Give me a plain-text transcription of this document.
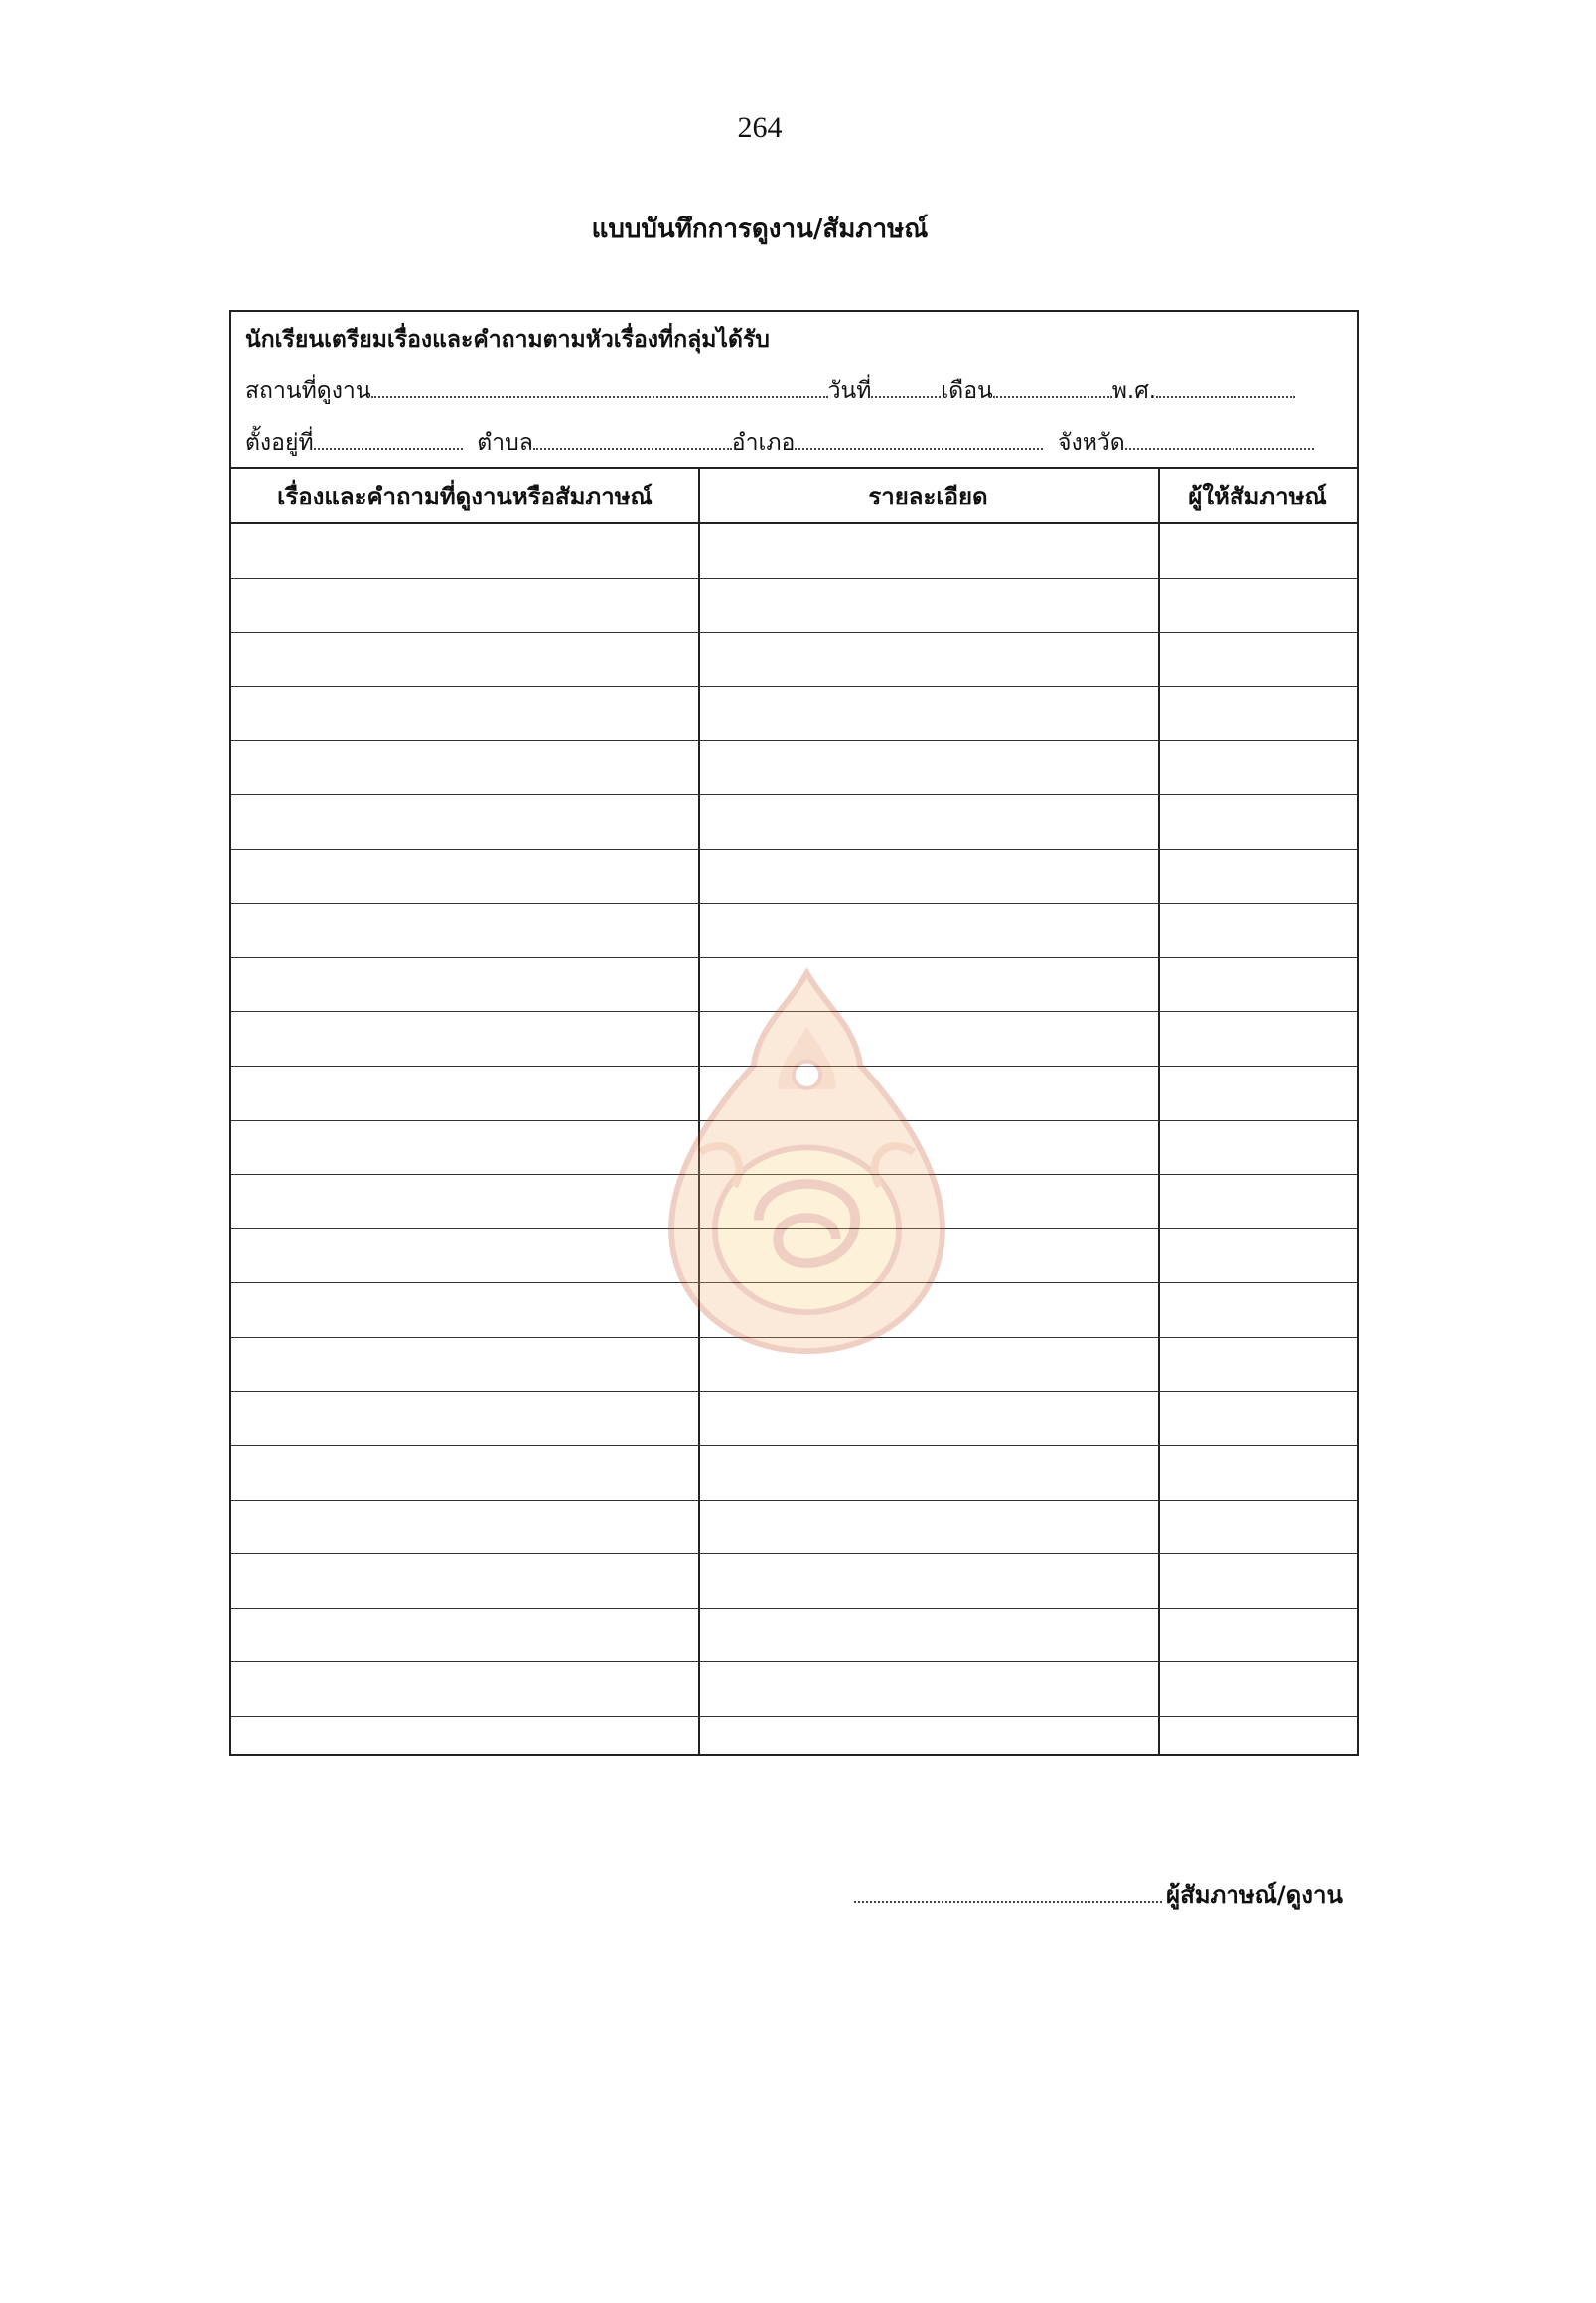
264
แบบบันทึกการดูงาน/สัมภาษณ์
นักเรียนเตรียมเรื่องและคำถามตามหัวเรื่องที่กลุ่มได้รับ
สถานที่ดูงาน	วันที่	เดือน	พ.ศ.
ตั้งอยู่ที่	ตำบล	อำเภอ	จังหวัด
เรื่องและคำถามที่ดูงานหรือสัมภาษณ์	รายละเอียด	ผู้ให้สัมภาษณ์
ผู้สัมภาษณ์/ดูงาน
